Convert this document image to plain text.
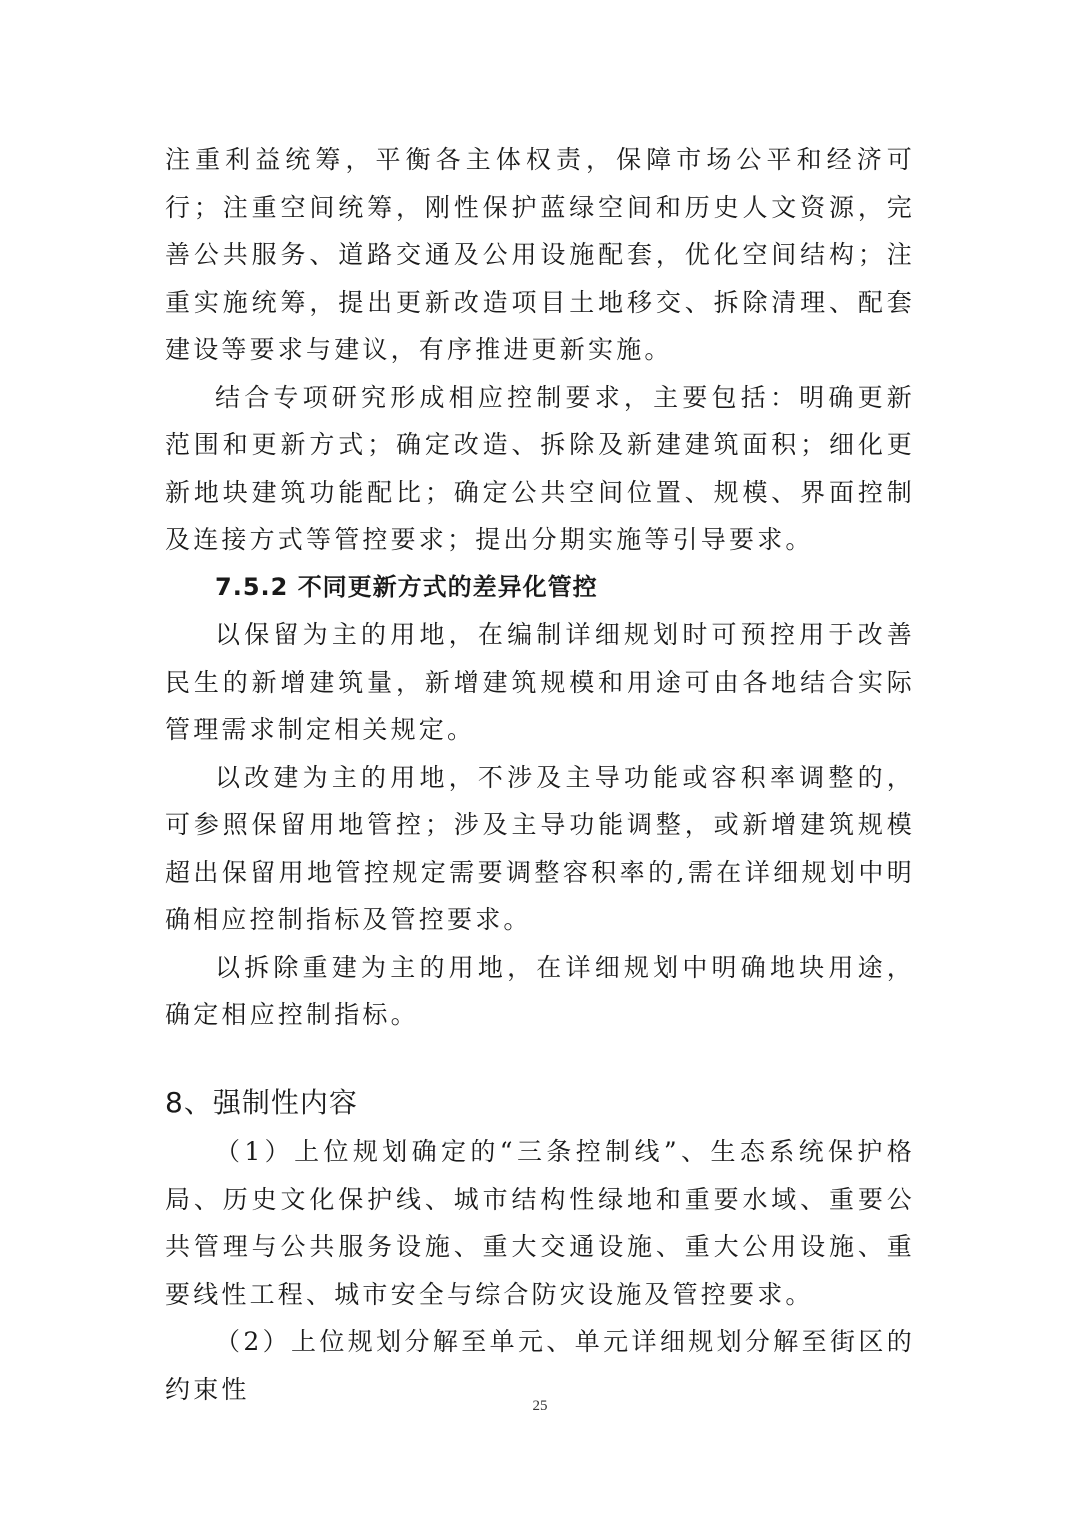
注重利益统筹，平衡各主体权责，保障市场公平和经济可行；注重空间统筹，刚性保护蓝绿空间和历史人文资源，完善公共服务、道路交通及公用设施配套，优化空间结构；注重实施统筹，提出更新改造项目土地移交、拆除清理、配套建设等要求与建议，有序推进更新实施。

结合专项研究形成相应控制要求，主要包括：明确更新范围和更新方式；确定改造、拆除及新建建筑面积；细化更新地块建筑功能配比；确定公共空间位置、规模、界面控制及连接方式等管控要求；提出分期实施等引导要求。

7.5.2 不同更新方式的差异化管控

以保留为主的用地，在编制详细规划时可预控用于改善民生的新增建筑量，新增建筑规模和用途可由各地结合实际管理需求制定相关规定。

以改建为主的用地，不涉及主导功能或容积率调整的，可参照保留用地管控；涉及主导功能调整，或新增建筑规模超出保留用地管控规定需要调整容积率的,需在详细规划中明确相应控制指标及管控要求。

以拆除重建为主的用地，在详细规划中明确地块用途，确定相应控制指标。

8、强制性内容

（1）上位规划确定的“三条控制线”、生态系统保护格局、历史文化保护线、城市结构性绿地和重要水域、重要公共管理与公共服务设施、重大交通设施、重大公用设施、重要线性工程、城市安全与综合防灾设施及管控要求。

（2）上位规划分解至单元、单元详细规划分解至街区的约束性

25
